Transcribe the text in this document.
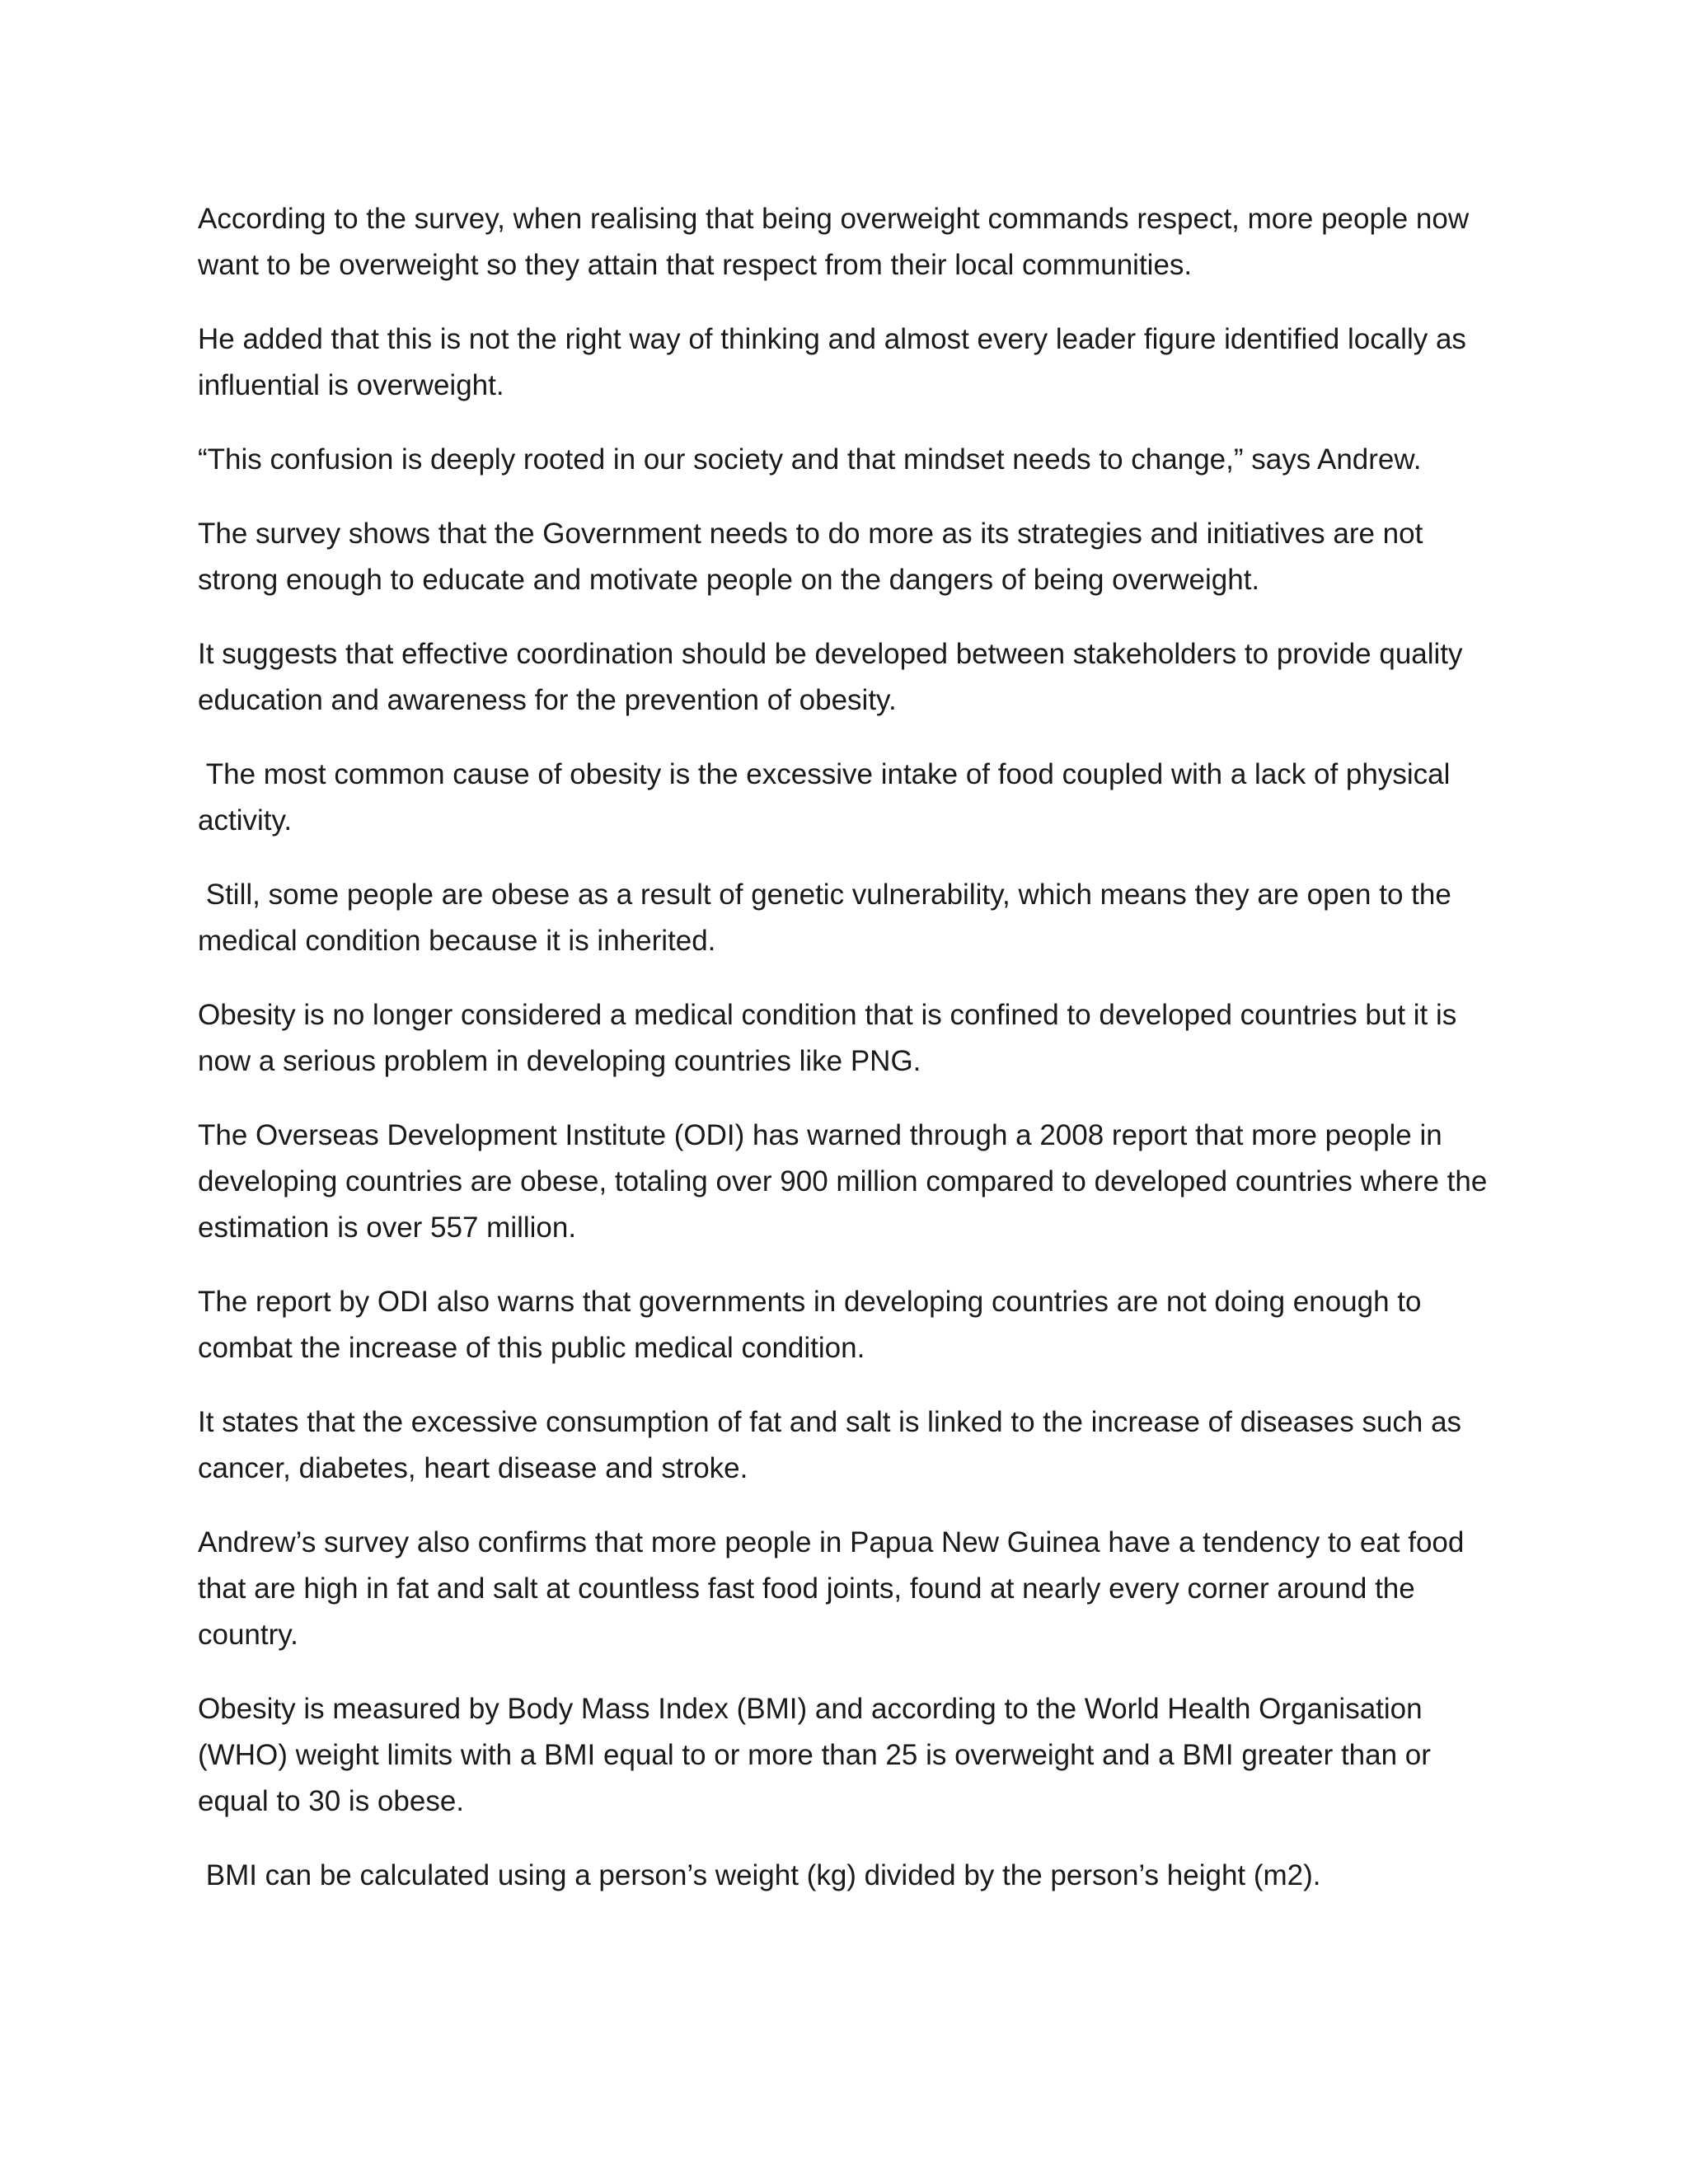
According to the survey, when realising that being overweight commands respect, more people now want to be overweight so they attain that respect from their local communities.

He added that this is not the right way of thinking and almost every leader figure identified locally as influential is overweight.

“This confusion is deeply rooted in our society and that mindset needs to change,” says Andrew.

The survey shows that the Government needs to do more as its strategies and initiatives are not strong enough to educate and motivate people on the dangers of being overweight.

It suggests that effective coordination should be developed between stakeholders to provide quality education and awareness for the prevention of obesity.

The most common cause of obesity is the excessive intake of food coupled with a lack of physical activity.

Still, some people are obese as a result of genetic vulnerability, which means they are open to the medical condition because it is inherited.

Obesity is no longer considered a medical condition that is confined to developed countries but it is now a serious problem in developing countries like PNG.

The Overseas Development Institute (ODI) has warned through a 2008 report that more people in developing countries are obese, totaling over 900 million compared to developed countries where the estimation is over 557 million.

The report by ODI also warns that governments in developing countries are not doing enough to combat the increase of this public medical condition.

It states that the excessive consumption of fat and salt is linked to the increase of diseases such as cancer, diabetes, heart disease and stroke.

Andrew’s survey also confirms that more people in Papua New Guinea have a tendency to eat food that are high in fat and salt at countless fast food joints, found at nearly every corner around the country.

Obesity is measured by Body Mass Index (BMI) and according to the World Health Organisation (WHO) weight limits with a BMI equal to or more than 25 is overweight and a BMI greater than or equal to 30 is obese.

BMI can be calculated using a person’s weight (kg) divided by the person’s height (m2).
